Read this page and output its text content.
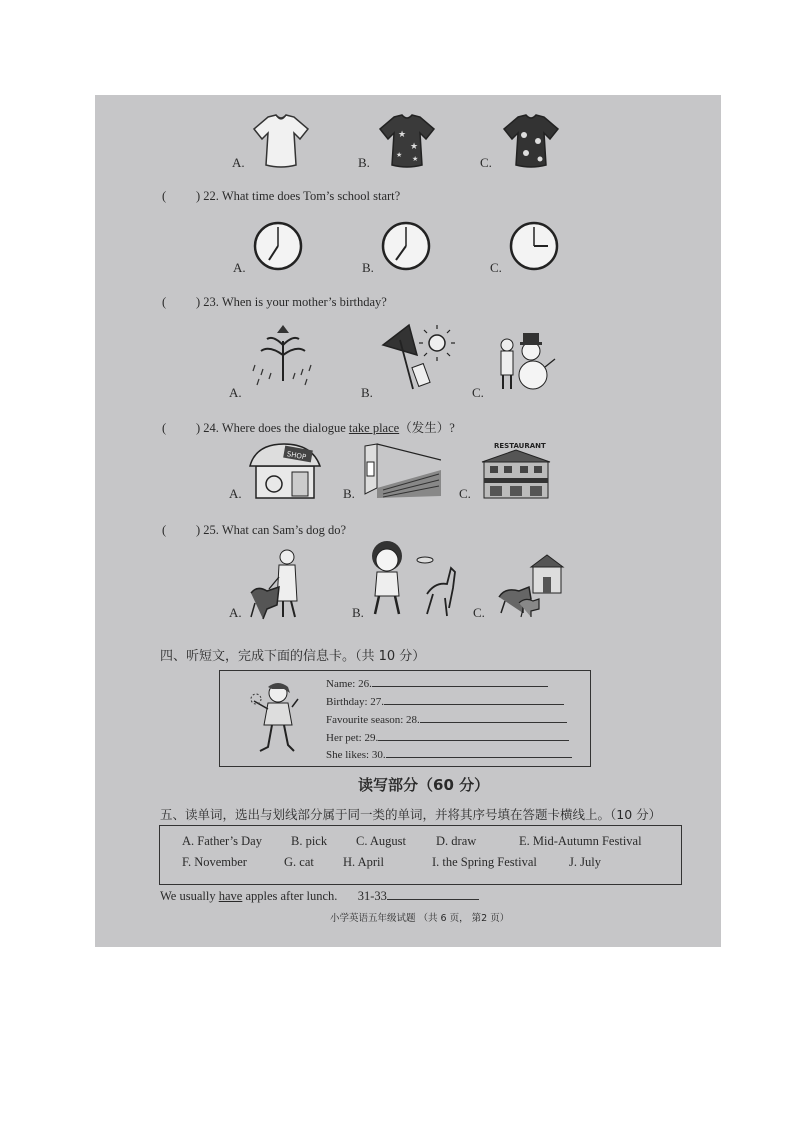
★
★
★ ★
A.	B.	C.
( ) 22. What time does Tom’s school start?
A.	B.	C.
( ) 23. When is your mother’s birthday?
A.	B.	C.
( ) 24. Where does the dialogue take place（发生）?
SHOP
RESTAURANT
A.	B.	C.
( ) 25. What can Sam’s dog do?
A.	B.	C.
四、听短文，完成下面的信息卡。（共 10 分）
Name: 26.
Birthday: 27.
Favourite season: 28.
Her pet: 29.
She likes: 30.
读写部分（60 分）
五、读单词，选出与划线部分属于同一类的单词，并将其序号填在答题卡横线上。（10 分）
A. Father’s Day B. pick C. August D. draw	E. Mid-Autumn Festival
F. November	G. cat H. April	I. the Spring Festival	J. July
We usually have apples after lunch. 31-33
小学英语五年级试题 （共 6 页， 第2 页）
